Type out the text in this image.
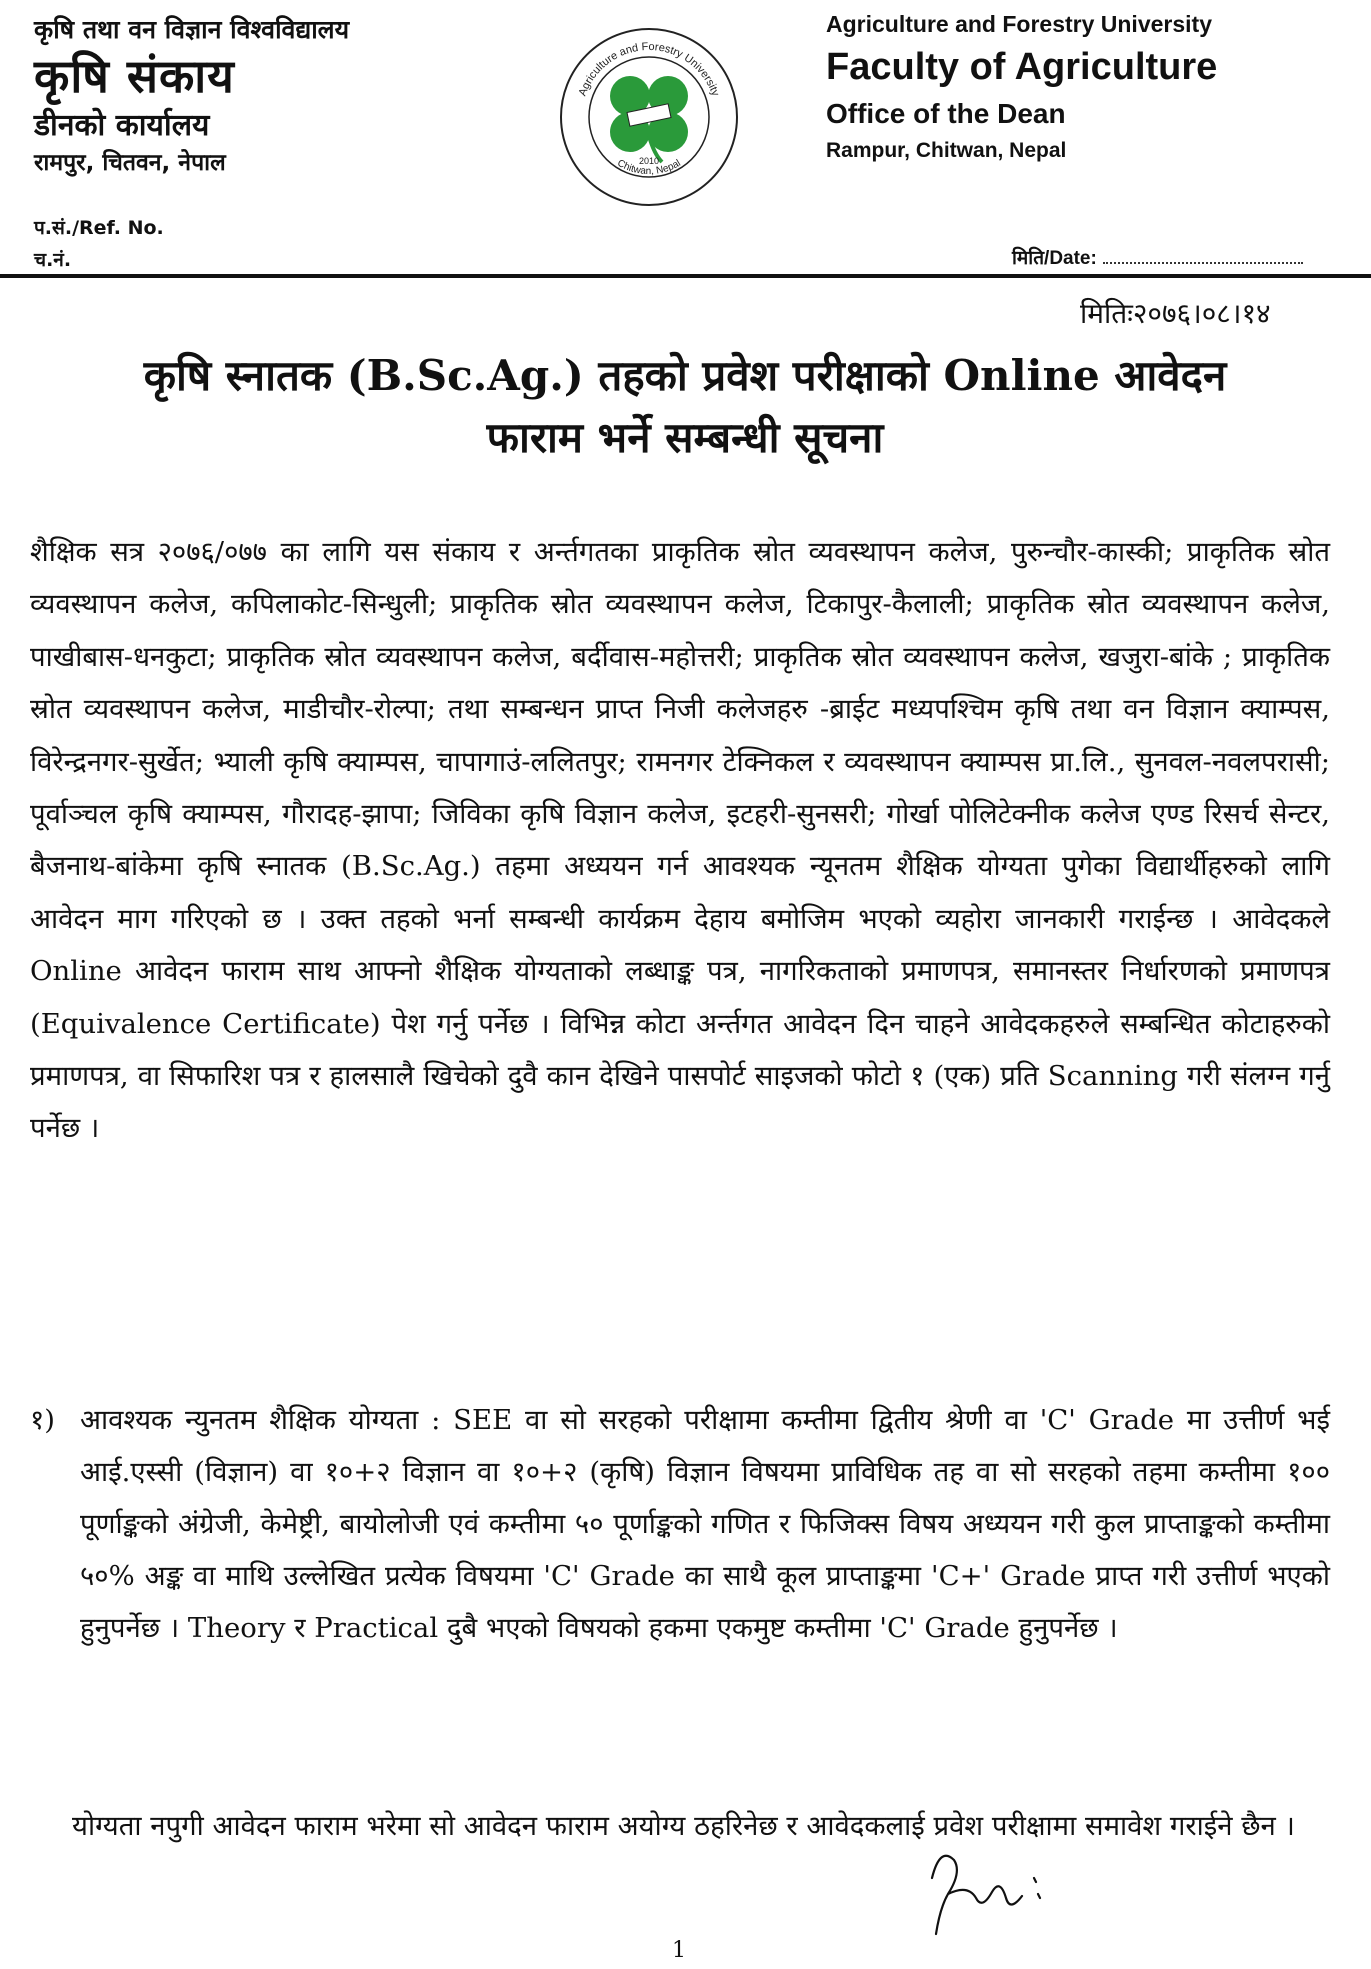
कृषि तथा वन विज्ञान विश्वविद्यालय
कृषि संकाय
डीनको कार्यालय
रामपुर, चितवन, नेपाल
Agriculture and Forestry University
Chitwan, Nepal
2010
Agriculture and Forestry University
Faculty of Agriculture
Office of the Dean
Rampur, Chitwan, Nepal
प.सं./Ref. No.
च.नं.	मिति/Date:
मितिः२०७६।०८।१४
कृषि स्नातक (B.Sc.Ag.) तहको प्रवेश परीक्षाको Online आवेदन
फाराम भर्ने सम्बन्धी सूचना

शैक्षिक सत्र २०७६/०७७ का लागि यस संकाय र अर्न्तगतका प्राकृतिक स्रोत व्यवस्थापन कलेज, पुरुन्चौर-कास्की; प्राकृतिक स्रोत व्यवस्थापन कलेज, कपिलाकोट-सिन्धुली; प्राकृतिक स्रोत व्यवस्थापन कलेज, टिकापुर-कैलाली; प्राकृतिक स्रोत व्यवस्थापन कलेज, पाखीबास-धनकुटा; प्राकृतिक स्रोत व्यवस्थापन कलेज, बर्दीवास-महोत्तरी; प्राकृतिक स्रोत व्यवस्थापन कलेज, खजुरा-बांके ; प्राकृतिक स्रोत व्यवस्थापन कलेज, माडीचौर-रोल्पा; तथा सम्बन्धन प्राप्त निजी कलेजहरु -ब्राईट मध्यपश्चिम कृषि तथा वन विज्ञान क्याम्पस, विरेन्द्रनगर-सुर्खेत; भ्याली कृषि क्याम्पस, चापागाउं-ललितपुर; रामनगर टेक्निकल र व्यवस्थापन क्याम्पस प्रा.लि., सुनवल-नवलपरासी; पूर्वाञ्चल कृषि क्याम्पस, गौरादह-झापा; जिविका कृषि विज्ञान कलेज, इटहरी-सुनसरी; गोर्खा पोलिटेक्नीक कलेज एण्ड रिसर्च सेन्टर, बैजनाथ-बांकेमा कृषि स्नातक (B.Sc.Ag.) तहमा अध्ययन गर्न आवश्यक न्यूनतम शैक्षिक योग्यता पुगेका विद्यार्थीहरुको लागि आवेदन माग गरिएको छ । उक्त तहको भर्ना सम्बन्धी कार्यक्रम देहाय बमोजिम भएको व्यहोरा जानकारी गराईन्छ । आवेदकले Online आवेदन फाराम साथ आफ्नो शैक्षिक योग्यताको लब्धाङ्क पत्र, नागरिकताको प्रमाणपत्र, समानस्तर निर्धारणको प्रमाणपत्र (Equivalence Certificate) पेश गर्नु पर्नेछ । विभिन्न कोटा अर्न्तगत आवेदन दिन चाहने आवेदकहरुले सम्बन्धित कोटाहरुको प्रमाणपत्र, वा सिफारिश पत्र र हालसालै खिचेको दुवै कान देखिने पासपोर्ट साइजको फोटो १ (एक) प्रति Scanning गरी संलग्न गर्नु पर्नेछ ।

१) आवश्यक न्युनतम शैक्षिक योग्यता : SEE वा सो सरहको परीक्षामा कम्तीमा द्वितीय श्रेणी वा 'C' Grade मा उत्तीर्ण भई आई.एस्सी (विज्ञान) वा १०+२ विज्ञान वा १०+२ (कृषि) विज्ञान विषयमा प्राविधिक तह वा सो सरहको तहमा कम्तीमा १०० पूर्णाङ्कको अंग्रेजी, केमेष्ट्री, बायोलोजी एवं कम्तीमा ५० पूर्णाङ्कको गणित र फिजिक्स विषय अध्ययन गरी कुल प्राप्ताङ्कको कम्तीमा ५०% अङ्क वा माथि उल्लेखित प्रत्येक विषयमा 'C' Grade का साथै कूल प्राप्ताङ्कमा 'C+' Grade प्राप्त गरी उत्तीर्ण भएको हुनुपर्नेछ । Theory र Practical दुबै भएको विषयको हकमा एकमुष्ट कम्तीमा 'C' Grade हुनुपर्नेछ ।

योग्यता नपुगी आवेदन फाराम भरेमा सो आवेदन फाराम अयोग्य ठहरिनेछ र आवेदकलाई प्रवेश परीक्षामा समावेश गराईने छैन ।

1
